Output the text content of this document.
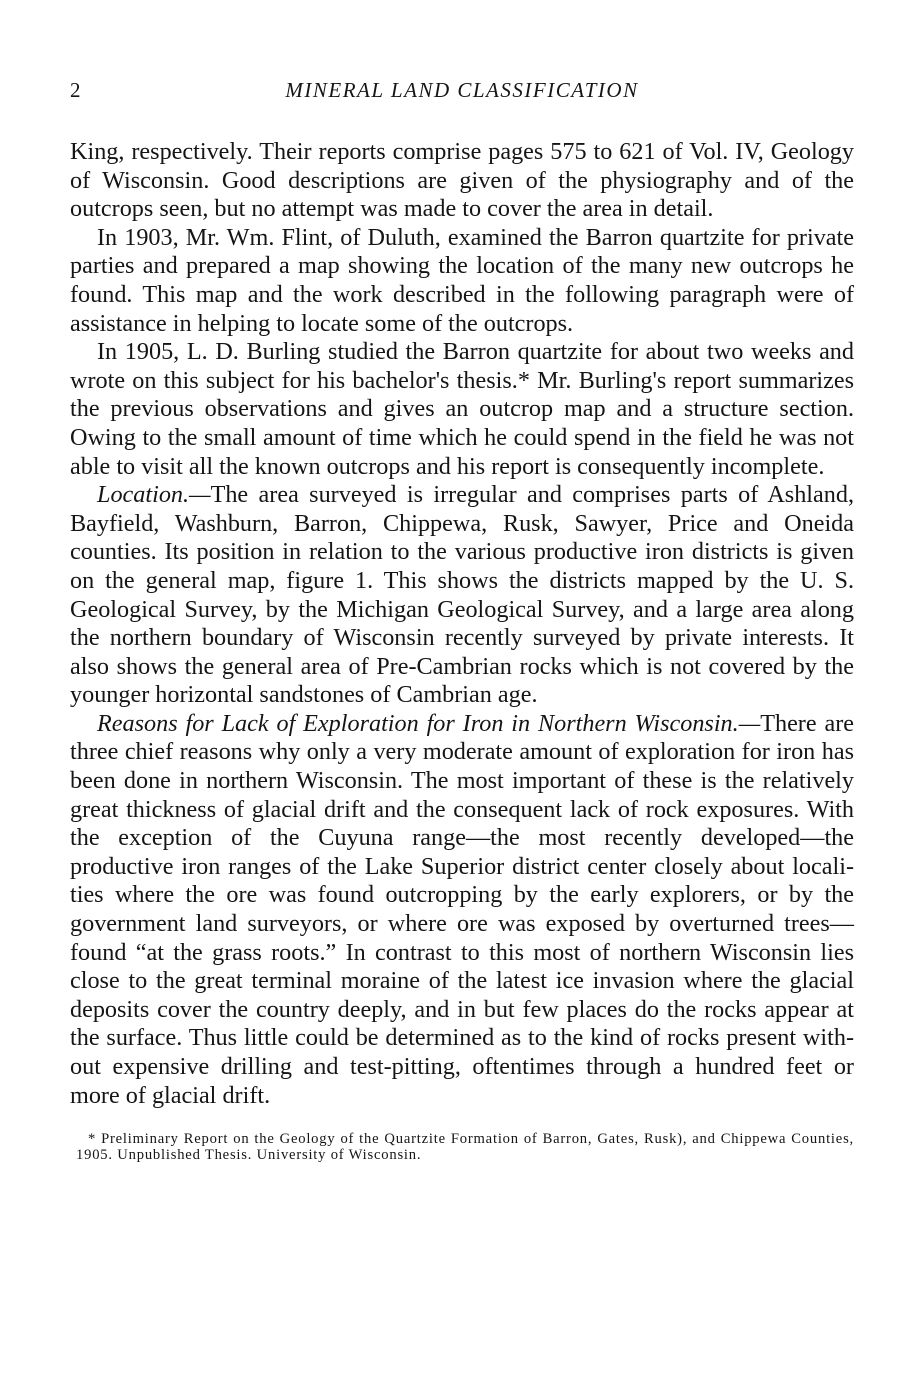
2	MINERAL LAND CLASSIFICATION

King, respectively. Their reports comprise pages 575 to 621 of Vol. IV, Geology of Wisconsin. Good descriptions are given of the physiography and of the outcrops seen, but no attempt was made to cover the area in detail.

In 1903, Mr. Wm. Flint, of Duluth, examined the Barron quartzite for private parties and prepared a map showing the location of the many new outcrops he found. This map and the work described in the following paragraph were of assistance in helping to locate some of the outcrops.

In 1905, L. D. Burling studied the Barron quartzite for about two weeks and wrote on this subject for his bachelor's thesis.* Mr. Burling's report summarizes the previous observations and gives an outcrop map and a structure section. Owing to the small amount of time which he could spend in the field he was not able to visit all the known outcrops and his report is consequently incomplete.

Location.—The area surveyed is irregular and comprises parts of Ashland, Bayfield, Washburn, Barron, Chippewa, Rusk, Sawyer, Price and Oneida counties. Its position in relation to the various productive iron districts is given on the general map, figure 1. This shows the districts mapped by the U. S. Geological Survey, by the Michigan Geological Survey, and a large area along the northern boundary of Wisconsin recently surveyed by private interests. It also shows the general area of Pre-Cambrian rocks which is not covered by the younger horizontal sandstones of Cambrian age.

Reasons for Lack of Exploration for Iron in Northern Wisconsin.—There are three chief reasons why only a very moderate amount of exploration for iron has been done in northern Wisconsin. The most important of these is the relatively great thickness of glacial drift and the consequent lack of rock exposures. With the exception of the Cuyuna range—the most recently developed—the productive iron ranges of the Lake Superior district center closely about localities where the ore was found outcropping by the early explorers, or by the government land surveyors, or where ore was exposed by overturned trees—found “at the grass roots.” In contrast to this most of northern Wisconsin lies close to the great terminal moraine of the latest ice invasion where the glacial deposits cover the country deeply, and in but few places do the rocks appear at the surface. Thus little could be determined as to the kind of rocks present without expensive drilling and test-pitting, oftentimes through a hundred feet or more of glacial drift.

* Preliminary Report on the Geology of the Quartzite Formation of Barron, Gates, Rusk), and Chippewa Counties, 1905. Unpublished Thesis. University of Wisconsin.
